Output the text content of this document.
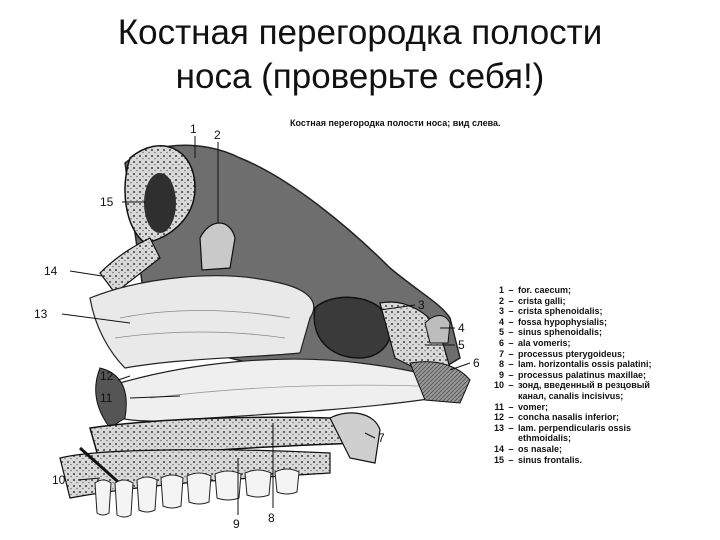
Костная перегородка полости
носа (проверьте себя!)
Костная перегородка полости носа; вид слева.
1 2
3
4
5
6
7
8
9
10
11
12
13
14
15
1 – for. caecum;
2 – crista galli;
3 – crista sphenoidalis;
4 – fossa hypophysialis;
5 – sinus sphenoidalis;
6 – ala vomeris;
7 – processus pterygoideus;
8 – lam. horizontalis ossis palatini;
9 – processus palatinus maxillae;
10 – зонд, введенный в резцовый
канал, canalis incisivus;
11 – vomer;
12 – concha nasalis inferior;
13 – lam. perpendicularis ossis
ethmoidalis;
14 – os nasale;
15 – sinus frontalis.
